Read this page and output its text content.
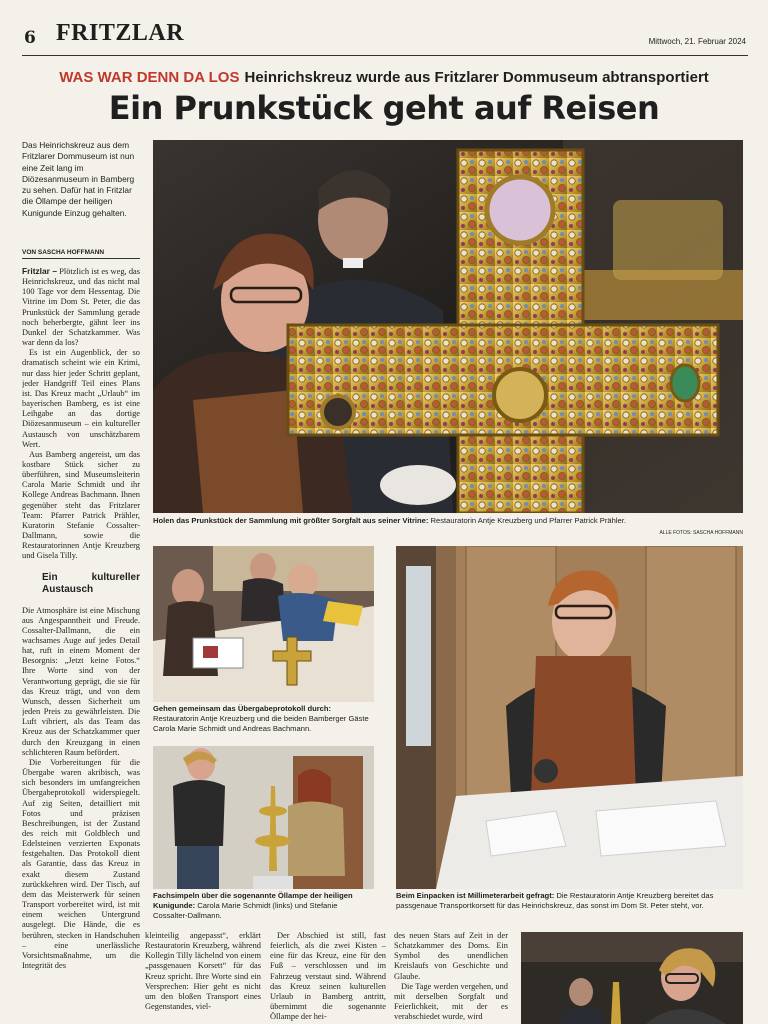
6 FRITZLAR	Mittwoch, 21. Februar 2024
WAS WAR DENN DA LOS Heinrichskreuz wurde aus Fritzlarer Dommuseum abtransportiert
Ein Prunkstück geht auf Reisen
Das Heinrichskreuz aus dem Fritzlarer Dommuseum ist nun eine Zeit lang im Diözesanmuseum in Bamberg zu sehen. Dafür hat in Fritzlar die Öllampe der heiligen Kunigunde Einzug gehalten.
VON SASCHA HOFFMANN

Fritzlar – Plötzlich ist es weg, das Heinrichskreuz, und das nicht mal 100 Tage vor dem Hessentag. Die Vitrine im Dom St. Peter, die das Prunkstück der Sammlung gerade noch beherbergte, gähnt leer ins Dunkel der Schatzkammer. Was war denn da los?

Es ist ein Augenblick, der so dramatisch scheint wie ein Krimi, nur dass hier jeder Schritt geplant, jeder Handgriff Teil eines Plans ist. Das Kreuz macht „Urlaub“ im bayerischen Bamberg, es ist eine Leihgabe an das dortige Diözesanmuseum – ein kultureller Austausch von unschätzbarem Wert.

Aus Bamberg angereist, um das kostbare Stück sicher zu überführen, sind Museumsleiterin Carola Marie Schmidt und ihr Kollege Andreas Bachmann. Ihnen gegenüber steht das Fritzlarer Team: Pfarrer Patrick Prähler, Kuratorin Stefanie Cossalter-Dallmann, sowie die Restauratorinnen Antje Kreuzberg und Gisela Tilly.

Ein kultureller Austausch

Die Atmosphäre ist eine Mischung aus Angespanntheit und Freude. Cossalter-Dallmann, die ein wachsames Auge auf jedes Detail hat, ruft in einem Moment der Besorgnis: „Jetzt keine Fotos.“ Ihre Worte sind von der Verantwortung geprägt, die sie für das Kreuz trägt, und von dem Wunsch, dessen Sicherheit um jeden Preis zu gewährleisten. Die Luft vibriert, als das Team das Kreuz aus der Schatzkammer quer durch den Kreuzgang in einen schlichteren Raum befördert.

Die Vorbereitungen für die Übergabe waren akribisch, was sich besonders im umfangreichen Übergabeprotokoll widerspiegelt. Auf zig Seiten, detailliert mit Fotos und präzisen Beschreibungen, ist der Zustand des reich mit Goldblech und Edelsteinen verzierten Exponats festgehalten. Das Protokoll dient als Garantie, dass das Kreuz in exakt diesem Zustand zurückkehren wird. Der Tisch, auf dem das Meisterwerk für seinen Transport vorbereitet wird, ist mit einem weichen Untergrund ausgelegt. Die Hände, die es berühren, stecken in Handschuhen – eine unerlässliche Vorsichtsmaßnahme, um die Integrität des

Holen das Prunkstück der Sammlung mit größter Sorgfalt aus seiner Vitrine: Restauratorin Antje Kreuzberg und Pfarrer Patrick Prähler.
ALLE FOTOS: SASCHA HOFFMANN
Gehen gemeinsam das Übergabeprotokoll durch: Restauratorin Antje Kreuzberg und die beiden Bamberger Gäste Carola Marie Schmidt und Andreas Bachmann.
Fachsimpeln über die sogenannte Öllampe der heiligen Kunigunde: Carola Marie Schmidt (links) und Stefanie Cossalter-Dallmann.
Beim Einpacken ist Millimeterarbeit gefragt: Die Restauratorin Antje Kreuzberg bereitet das passgenaue Transportkorsett für das Heinrichskreuz, das sonst im Dom St. Peter steht, vor.

kleinteilig angepasst“, erklärt Restauratorin Kreuzberg, während Kollegin Tilly lächelnd von einem „passgenauen Korsett“ für das Kreuz spricht. Ihre Worte sind ein Versprechen: Hier geht es nicht um den bloßen Transport eines Gegenstandes, viel-

Der Abschied ist still, fast feierlich, als die zwei Kisten – eine für das Kreuz, eine für den Fuß – verschlossen und im Fahrzeug verstaut sind. Während das Kreuz seinen kulturellen Urlaub in Bamberg antritt, übernimmt die sogenannte Öllampe der hei-

des neuen Stars auf Zeit in der Schatzkammer des Doms. Ein Symbol des unendlichen Kreislaufs von Geschichte und Glaube.

Die Tage werden vergehen, und mit derselben Sorgfalt und Feierlichkeit, mit der es verabschiedet wurde, wird
